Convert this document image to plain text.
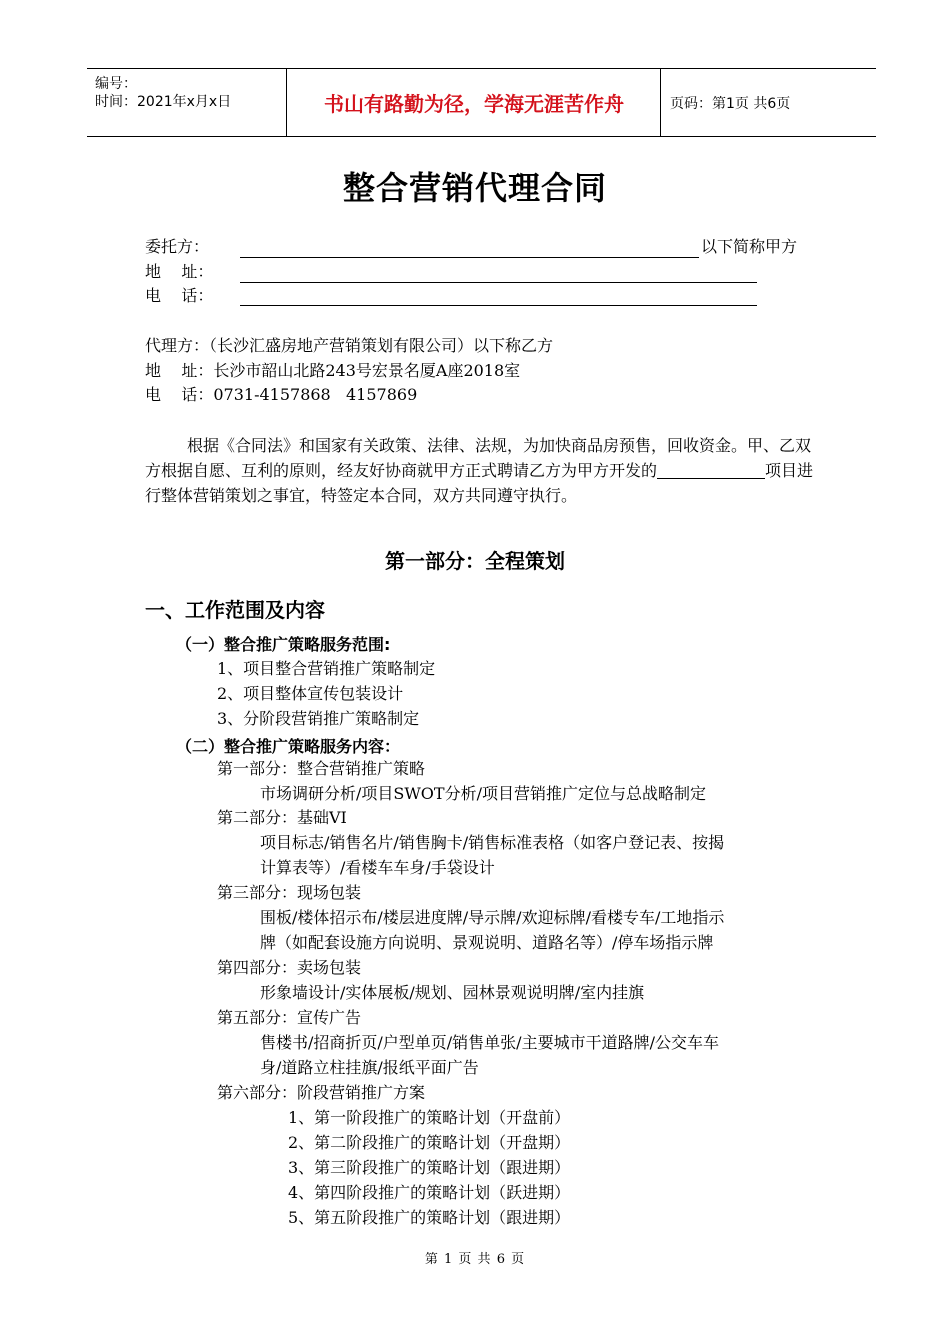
编号：
时间：2021年x月x日	书山有路勤为径，学海无涯苦作舟	页码：第1页 共6页
整合营销代理合同
委托方：	以下简称甲方
地    址：
电    话：
代理方：（长沙汇盛房地产营销策划有限公司）以下称乙方
地    址：长沙市韶山北路243号宏景名厦A座2018室
电    话：0731-4157868   4157869
根据《合同法》和国家有关政策、法律、法规，为加快商品房预售，回收资金。甲、乙双方根据自愿、互利的原则，经友好协商就甲方正式聘请乙方为甲方开发的	项目进行整体营销策划之事宜，特签定本合同，双方共同遵守执行。
第一部分：全程策划
一、工作范围及内容
（一）整合推广策略服务范围:
1、项目整合营销推广策略制定
2、项目整体宣传包装设计
3、分阶段营销推广策略制定
（二）整合推广策略服务内容：
第一部分：整合营销推广策略
市场调研分析/项目SWOT分析/项目营销推广定位与总战略制定
第二部分：基础VI
项目标志/销售名片/销售胸卡/销售标准表格（如客户登记表、按揭
计算表等）/看楼车车身/手袋设计
第三部分：现场包装
围板/楼体招示布/楼层进度牌/导示牌/欢迎标牌/看楼专车/工地指示
牌（如配套设施方向说明、景观说明、道路名等）/停车场指示牌
第四部分：卖场包装
形象墙设计/实体展板/规划、园林景观说明牌/室内挂旗
第五部分：宣传广告
售楼书/招商折页/户型单页/销售单张/主要城市干道路牌/公交车车
身/道路立柱挂旗/报纸平面广告
第六部分：阶段营销推广方案
1、第一阶段推广的策略计划（开盘前）
2、第二阶段推广的策略计划（开盘期）
3、第三阶段推广的策略计划（跟进期）
4、第四阶段推广的策略计划（跃进期）
5、第五阶段推广的策略计划（跟进期）
第 1 页 共 6 页
